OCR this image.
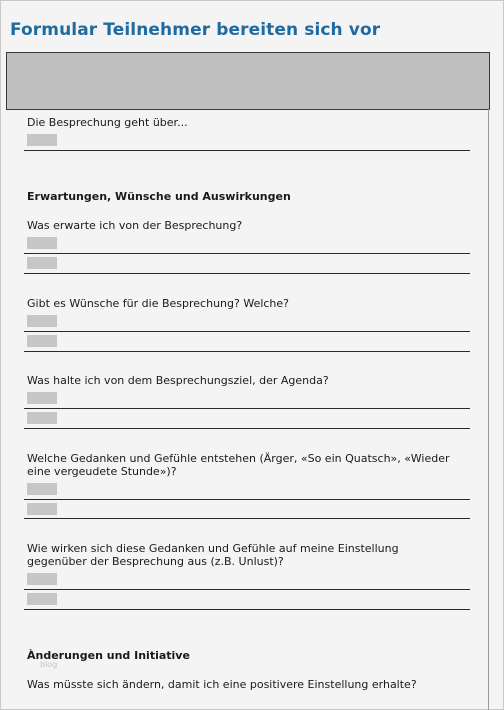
Formular Teilnehmer bereiten sich vor
Die Besprechung geht über...
Erwartungen, Wünsche und Auswirkungen
Was erwarte ich von der Besprechung?
Gibt es Wünsche für die Besprechung? Welche?
Was halte ich von dem Besprechungsziel, der Agenda?
Welche Gedanken und Gefühle entstehen (Ärger, «So ein Quatsch», «Wieder eine vergeudete Stunde»)?
Wie wirken sich diese Gedanken und Gefühle auf meine Einstellung gegenüber der Besprechung aus (z.B. Unlust)?
Ànderungen und Initiative
blog
Was müsste sich ändern, damit ich eine positivere Einstellung erhalte?
